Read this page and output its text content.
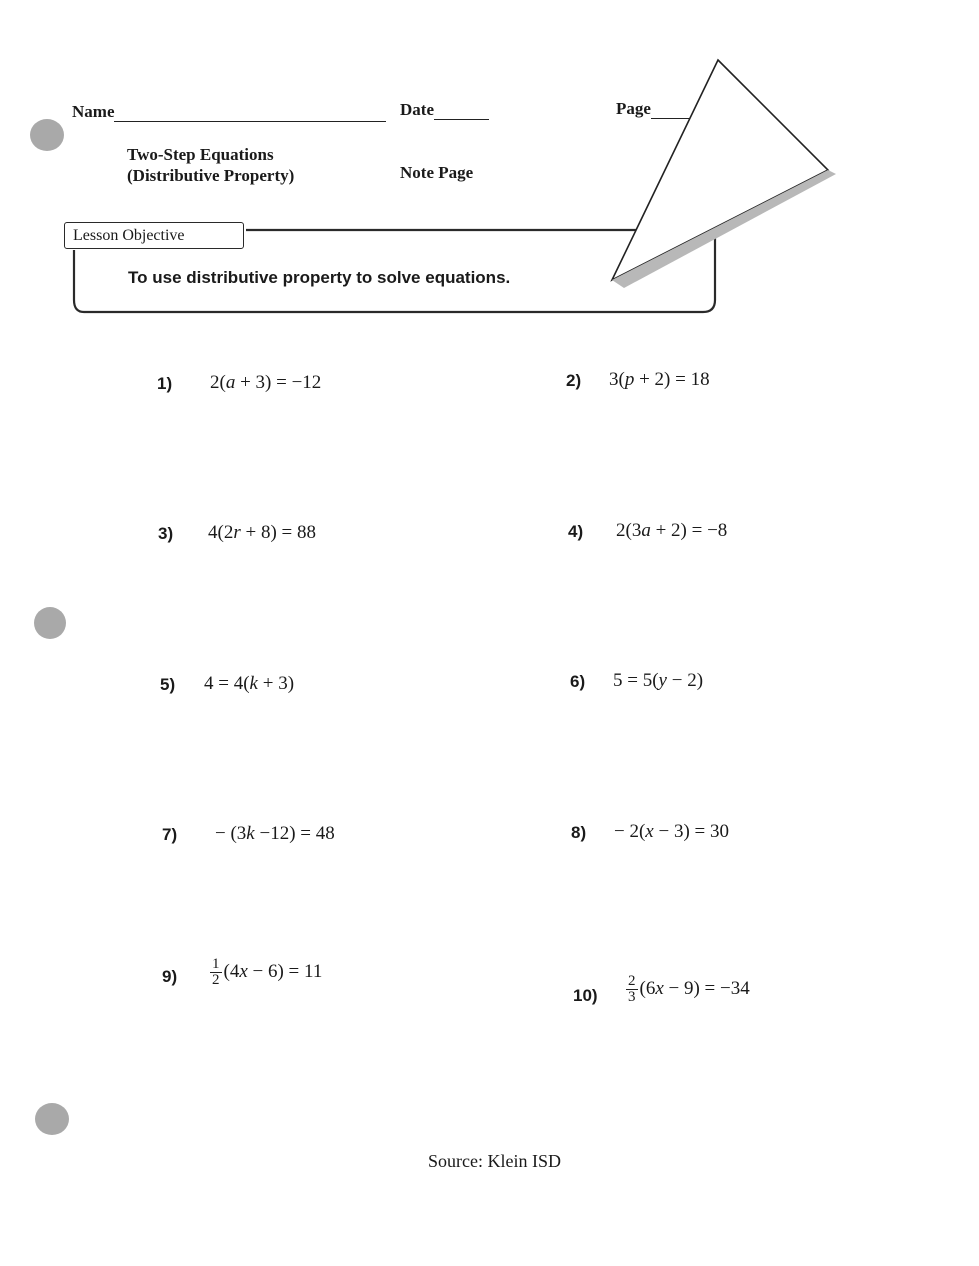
Name	Date	Page
Two-Step Equations
(Distributive Property)	Note Page
Lesson Objective
To use distributive property to solve equations.
1) 2(a + 3) = −12	2) 3(p + 2) = 18
3) 4(2r + 8) = 88	4) 2(3a + 2) = −8
5) 4 = 4(k + 3)	6) 5 = 5(y − 2)
7) − (3k −12) = 48	8) − 2(x − 3) = 30
$9) \frac{1}{2} (4x - 6) = 11$
$10) \frac{2}{3} (6x - 9) = -34$
Source: Klein ISD
